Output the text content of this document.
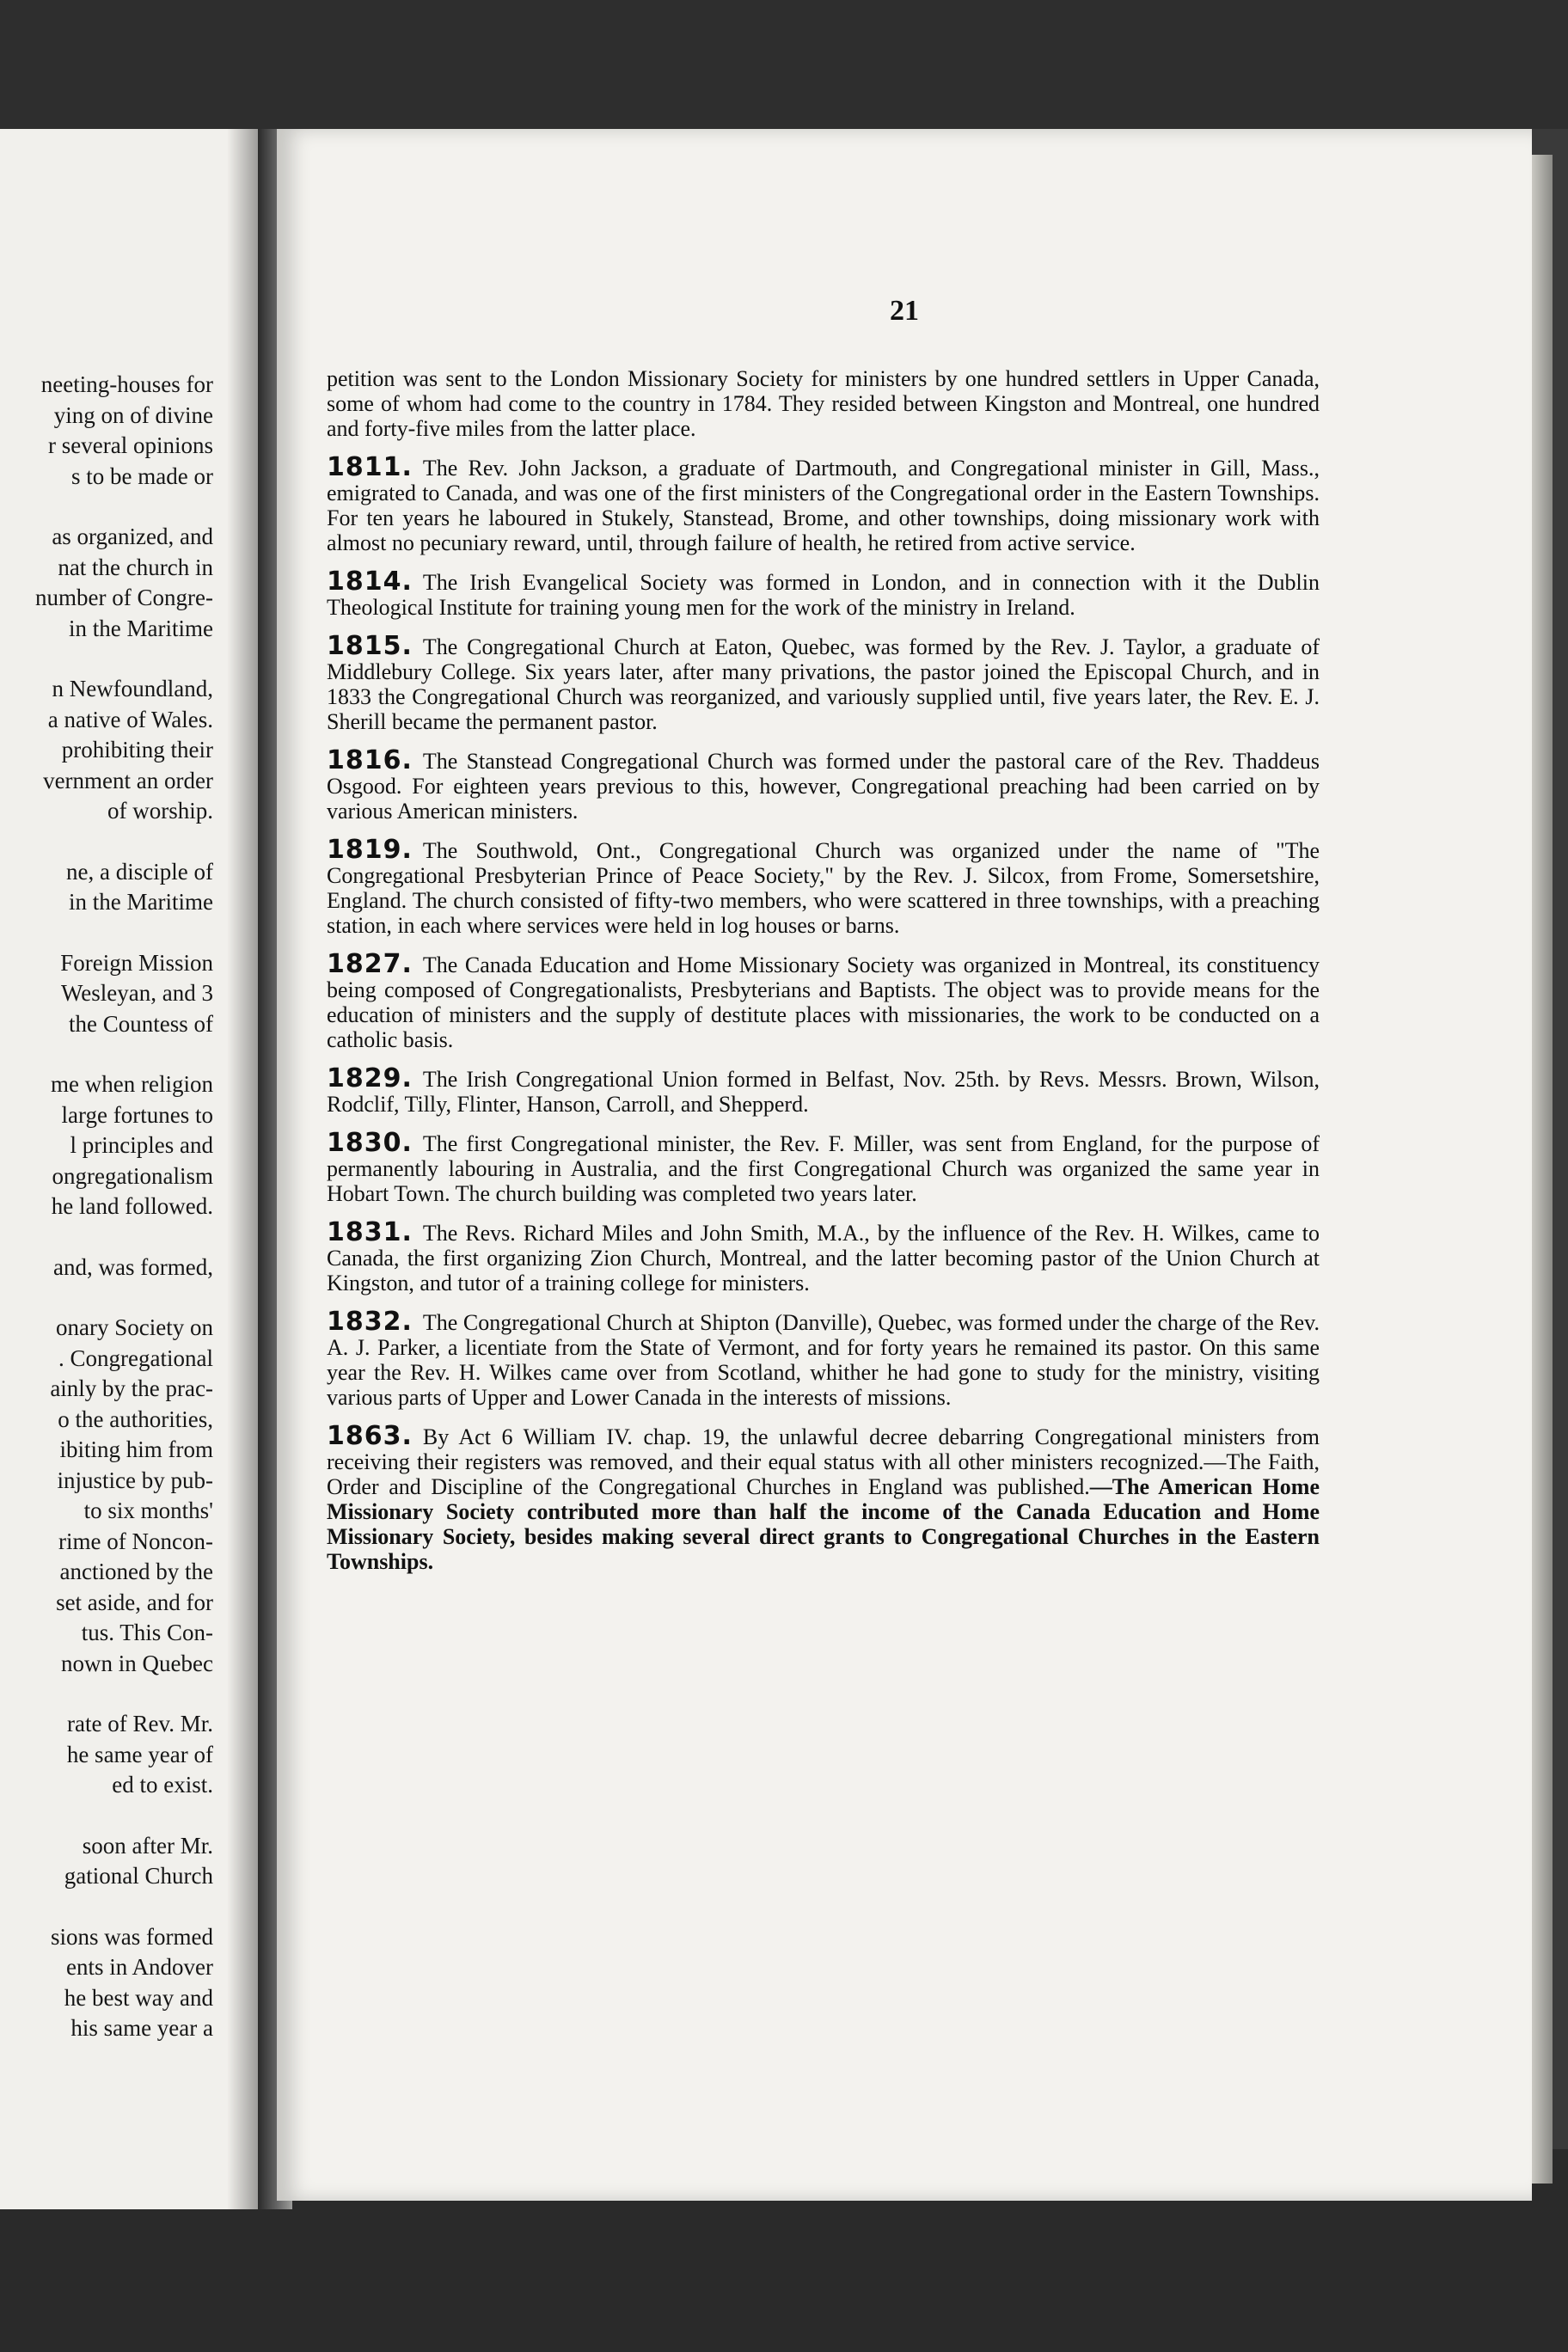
neeting-houses for
ying on of divine
r several opinions
s to be made or
as organized, and
nat the church in
number of Congre-
in the Maritime
n Newfoundland,
a native of Wales.
prohibiting their
vernment an order
of worship.
ne, a disciple of
in the Maritime
Foreign Mission
Wesleyan, and 3
the Countess of
me when religion
large fortunes to
l principles and
ongregationalism
he land followed.
and, was formed,
onary Society on
. Congregational
ainly by the prac-
o the authorities,
ibiting him from
injustice by pub-
to six months'
rime of Noncon-
anctioned by the
set aside, and for
tus. This Con-
nown in Quebec
rate of Rev. Mr.
he same year of
ed to exist.
soon after Mr.
gational Church
sions was formed
ents in Andover
he best way and
his same year a
21

petition was sent to the London Missionary Society for ministers by one hundred settlers in Upper Canada, some of whom had come to the country in 1784. They resided between Kingston and Montreal, one hundred and forty-five miles from the latter place.

1811. The Rev. John Jackson, a graduate of Dartmouth, and Congregational minister in Gill, Mass., emigrated to Canada, and was one of the first ministers of the Congregational order in the Eastern Townships. For ten years he laboured in Stukely, Stanstead, Brome, and other townships, doing missionary work with almost no pecuniary reward, until, through failure of health, he retired from active service.

1814. The Irish Evangelical Society was formed in London, and in connection with it the Dublin Theological Institute for training young men for the work of the ministry in Ireland.

1815. The Congregational Church at Eaton, Quebec, was formed by the Rev. J. Taylor, a graduate of Middlebury College. Six years later, after many privations, the pastor joined the Episcopal Church, and in 1833 the Congregational Church was reorganized, and variously supplied until, five years later, the Rev. E. J. Sherill became the permanent pastor.

1816. The Stanstead Congregational Church was formed under the pastoral care of the Rev. Thaddeus Osgood. For eighteen years previous to this, however, Congregational preaching had been carried on by various American ministers.

1819. The Southwold, Ont., Congregational Church was organized under the name of "The Congregational Presbyterian Prince of Peace Society," by the Rev. J. Silcox, from Frome, Somersetshire, England. The church consisted of fifty-two members, who were scattered in three townships, with a preaching station, in each where services were held in log houses or barns.

1827. The Canada Education and Home Missionary Society was organized in Montreal, its constituency being composed of Congregationalists, Presbyterians and Baptists. The object was to provide means for the education of ministers and the supply of destitute places with missionaries, the work to be conducted on a catholic basis.

1829. The Irish Congregational Union formed in Belfast, Nov. 25th. by Revs. Messrs. Brown, Wilson, Rodclif, Tilly, Flinter, Hanson, Carroll, and Shepperd.

1830. The first Congregational minister, the Rev. F. Miller, was sent from England, for the purpose of permanently labouring in Australia, and the first Congregational Church was organized the same year in Hobart Town. The church building was completed two years later.

1831. The Revs. Richard Miles and John Smith, M.A., by the influence of the Rev. H. Wilkes, came to Canada, the first organizing Zion Church, Montreal, and the latter becoming pastor of the Union Church at Kingston, and tutor of a training college for ministers.

1832. The Congregational Church at Shipton (Danville), Quebec, was formed under the charge of the Rev. A. J. Parker, a licentiate from the State of Vermont, and for forty years he remained its pastor. On this same year the Rev. H. Wilkes came over from Scotland, whither he had gone to study for the ministry, visiting various parts of Upper and Lower Canada in the interests of missions.

1863. By Act 6 William IV. chap. 19, the unlawful decree debarring Congregational ministers from receiving their registers was removed, and their equal status with all other ministers recognized.—The Faith, Order and Discipline of the Congregational Churches in England was published.—The American Home Missionary Society contributed more than half the income of the Canada Education and Home Missionary Society, besides making several direct grants to Congregational Churches in the Eastern Townships.
